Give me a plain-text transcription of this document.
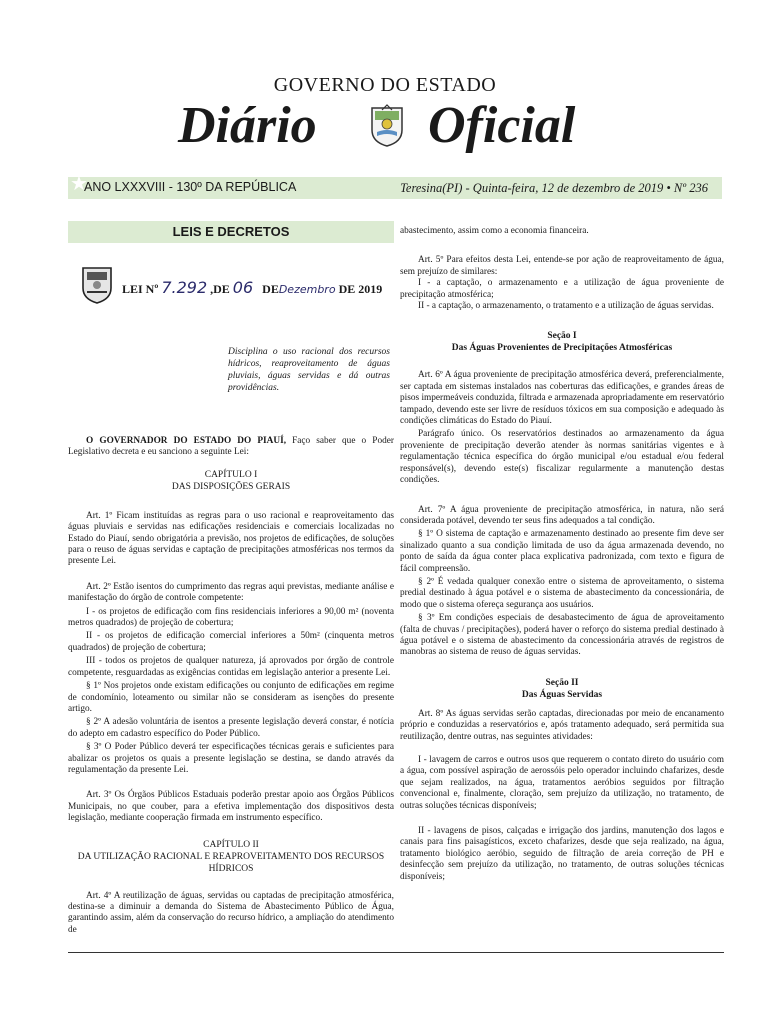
GOVERNO DO ESTADO
Diário Oficial
★
ANO LXXXVIII - 130º DA REPÚBLICA	Teresina(PI) - Quinta-feira, 12 de dezembro de 2019 • Nº 236
LEIS E DECRETOS
LEI Nº 7.292 ,DE 06 DEDezembro DE 2019
Disciplina o uso racional dos recursos hídricos, reaproveitamento de águas pluviais, águas servidas e dá outras providências.
O GOVERNADOR DO ESTADO DO PIAUÍ, Faço saber que o Poder Legislativo decreta e eu sanciono a seguinte Lei:
CAPÍTULO I
DAS DISPOSIÇÕES GERAIS
Art. 1º Ficam instituídas as regras para o uso racional e reaproveitamento das águas pluviais e servidas nas edificações residenciais e comerciais localizadas no Estado do Piauí, sendo obrigatória a previsão, nos projetos de edificações, de soluções para o reuso de águas servidas e captação de precipitações atmosféricas nos termos da presente Lei.
Art. 2º Estão isentos do cumprimento das regras aqui previstas, mediante análise e manifestação do órgão de controle competente:
I - os projetos de edificação com fins residenciais inferiores a 90,00 m² (noventa metros quadrados) de projeção de cobertura;
II - os projetos de edificação comercial inferiores a 50m² (cinquenta metros quadrados) de projeção de cobertura;
III - todos os projetos de qualquer natureza, já aprovados por órgão de controle competente, resguardadas as exigências contidas em legislação anterior a presente Lei.
§ 1º Nos projetos onde existam edificações ou conjunto de edificações em regime de condomínio, loteamento ou similar não se consideram as isenções do presente artigo.
§ 2º A adesão voluntária de isentos a presente legislação deverá constar, é notícia do adepto em cadastro específico do Poder Público.
§ 3º O Poder Público deverá ter especificações técnicas gerais e suficientes para abalizar os projetos os quais a presente legislação se destina, se dando através da regulamentação da presente Lei.
Art. 3º Os Órgãos Públicos Estaduais poderão prestar apoio aos Órgãos Públicos Municipais, no que couber, para a efetiva implementação dos dispositivos desta legislação, mediante cooperação firmada em instrumento específico.
CAPÍTULO II
DA UTILIZAÇÃO RACIONAL E REAPROVEITAMENTO DOS RECURSOS HÍDRICOS
Art. 4º A reutilização de águas, servidas ou captadas de precipitação atmosférica, destina-se a diminuir a demanda do Sistema de Abastecimento Público de Água, garantindo assim, além da conservação do recurso hídrico, a ampliação do atendimento de
abastecimento, assim como a economia financeira.
Art. 5º Para efeitos desta Lei, entende-se por ação de reaproveitamento de água, sem prejuízo de similares:
I - a captação, o armazenamento e a utilização de água proveniente de precipitação atmosférica;
II - a captação, o armazenamento, o tratamento e a utilização de águas servidas.
Seção I
Das Águas Provenientes de Precipitações Atmosféricas
Art. 6º A água proveniente de precipitação atmosférica deverá, preferencialmente, ser captada em sistemas instalados nas coberturas das edificações, e grandes áreas de pisos impermeáveis conduzida, filtrada e armazenada apropriadamente em reservatório tampado, devendo este ser livre de resíduos tóxicos em sua composição e adequado às condições climáticas do Estado do Piauí.
Parágrafo único. Os reservatórios destinados ao armazenamento da água proveniente de precipitação deverão atender às normas sanitárias vigentes e à regulamentação técnica específica do órgão municipal e/ou estadual e/ou federal responsável(s), devendo este(s) fiscalizar regularmente a manutenção destas condições.
Art. 7º A água proveniente de precipitação atmosférica, in natura, não será considerada potável, devendo ter seus fins adequados a tal condição.
§ 1º O sistema de captação e armazenamento destinado ao presente fim deve ser sinalizado quanto a sua condição limitada de uso da água armazenada devendo, no ponto de saída da água conter placa explicativa padronizada, com texto e figura de fácil compreensão.
§ 2º É vedada qualquer conexão entre o sistema de aproveitamento, o sistema predial destinado à água potável e o sistema de abastecimento da concessionária, de modo que o sistema ofereça segurança aos usuários.
§ 3º Em condições especiais de desabastecimento de água de aproveitamento (falta de chuvas / precipitações), poderá haver o reforço do sistema predial destinado à água potável e o sistema de abastecimento da concessionária através de registros de manobras ao sistema de reuso de águas servidas.
Seção II
Das Águas Servidas
Art. 8º As águas servidas serão captadas, direcionadas por meio de encanamento próprio e conduzidas a reservatórios e, após tratamento adequado, será permitida sua reutilização, dentre outras, nas seguintes atividades:
I - lavagem de carros e outros usos que requerem o contato direto do usuário com a água, com possível aspiração de aerossóis pelo operador incluindo chafarizes, desde que sejam realizados, na água, tratamentos aeróbios seguidos por filtração convencional e, finalmente, cloração, sem prejuízo da utilização, no tratamento, de outras soluções técnicas disponíveis;
II - lavagens de pisos, calçadas e irrigação dos jardins, manutenção dos lagos e canais para fins paisagísticos, exceto chafarizes, desde que seja realizado, na água, tratamento biológico aeróbio, seguido de filtração de areia correção de PH e desinfecção sem prejuízo da utilização, no tratamento, de outras soluções técnicas disponíveis;
